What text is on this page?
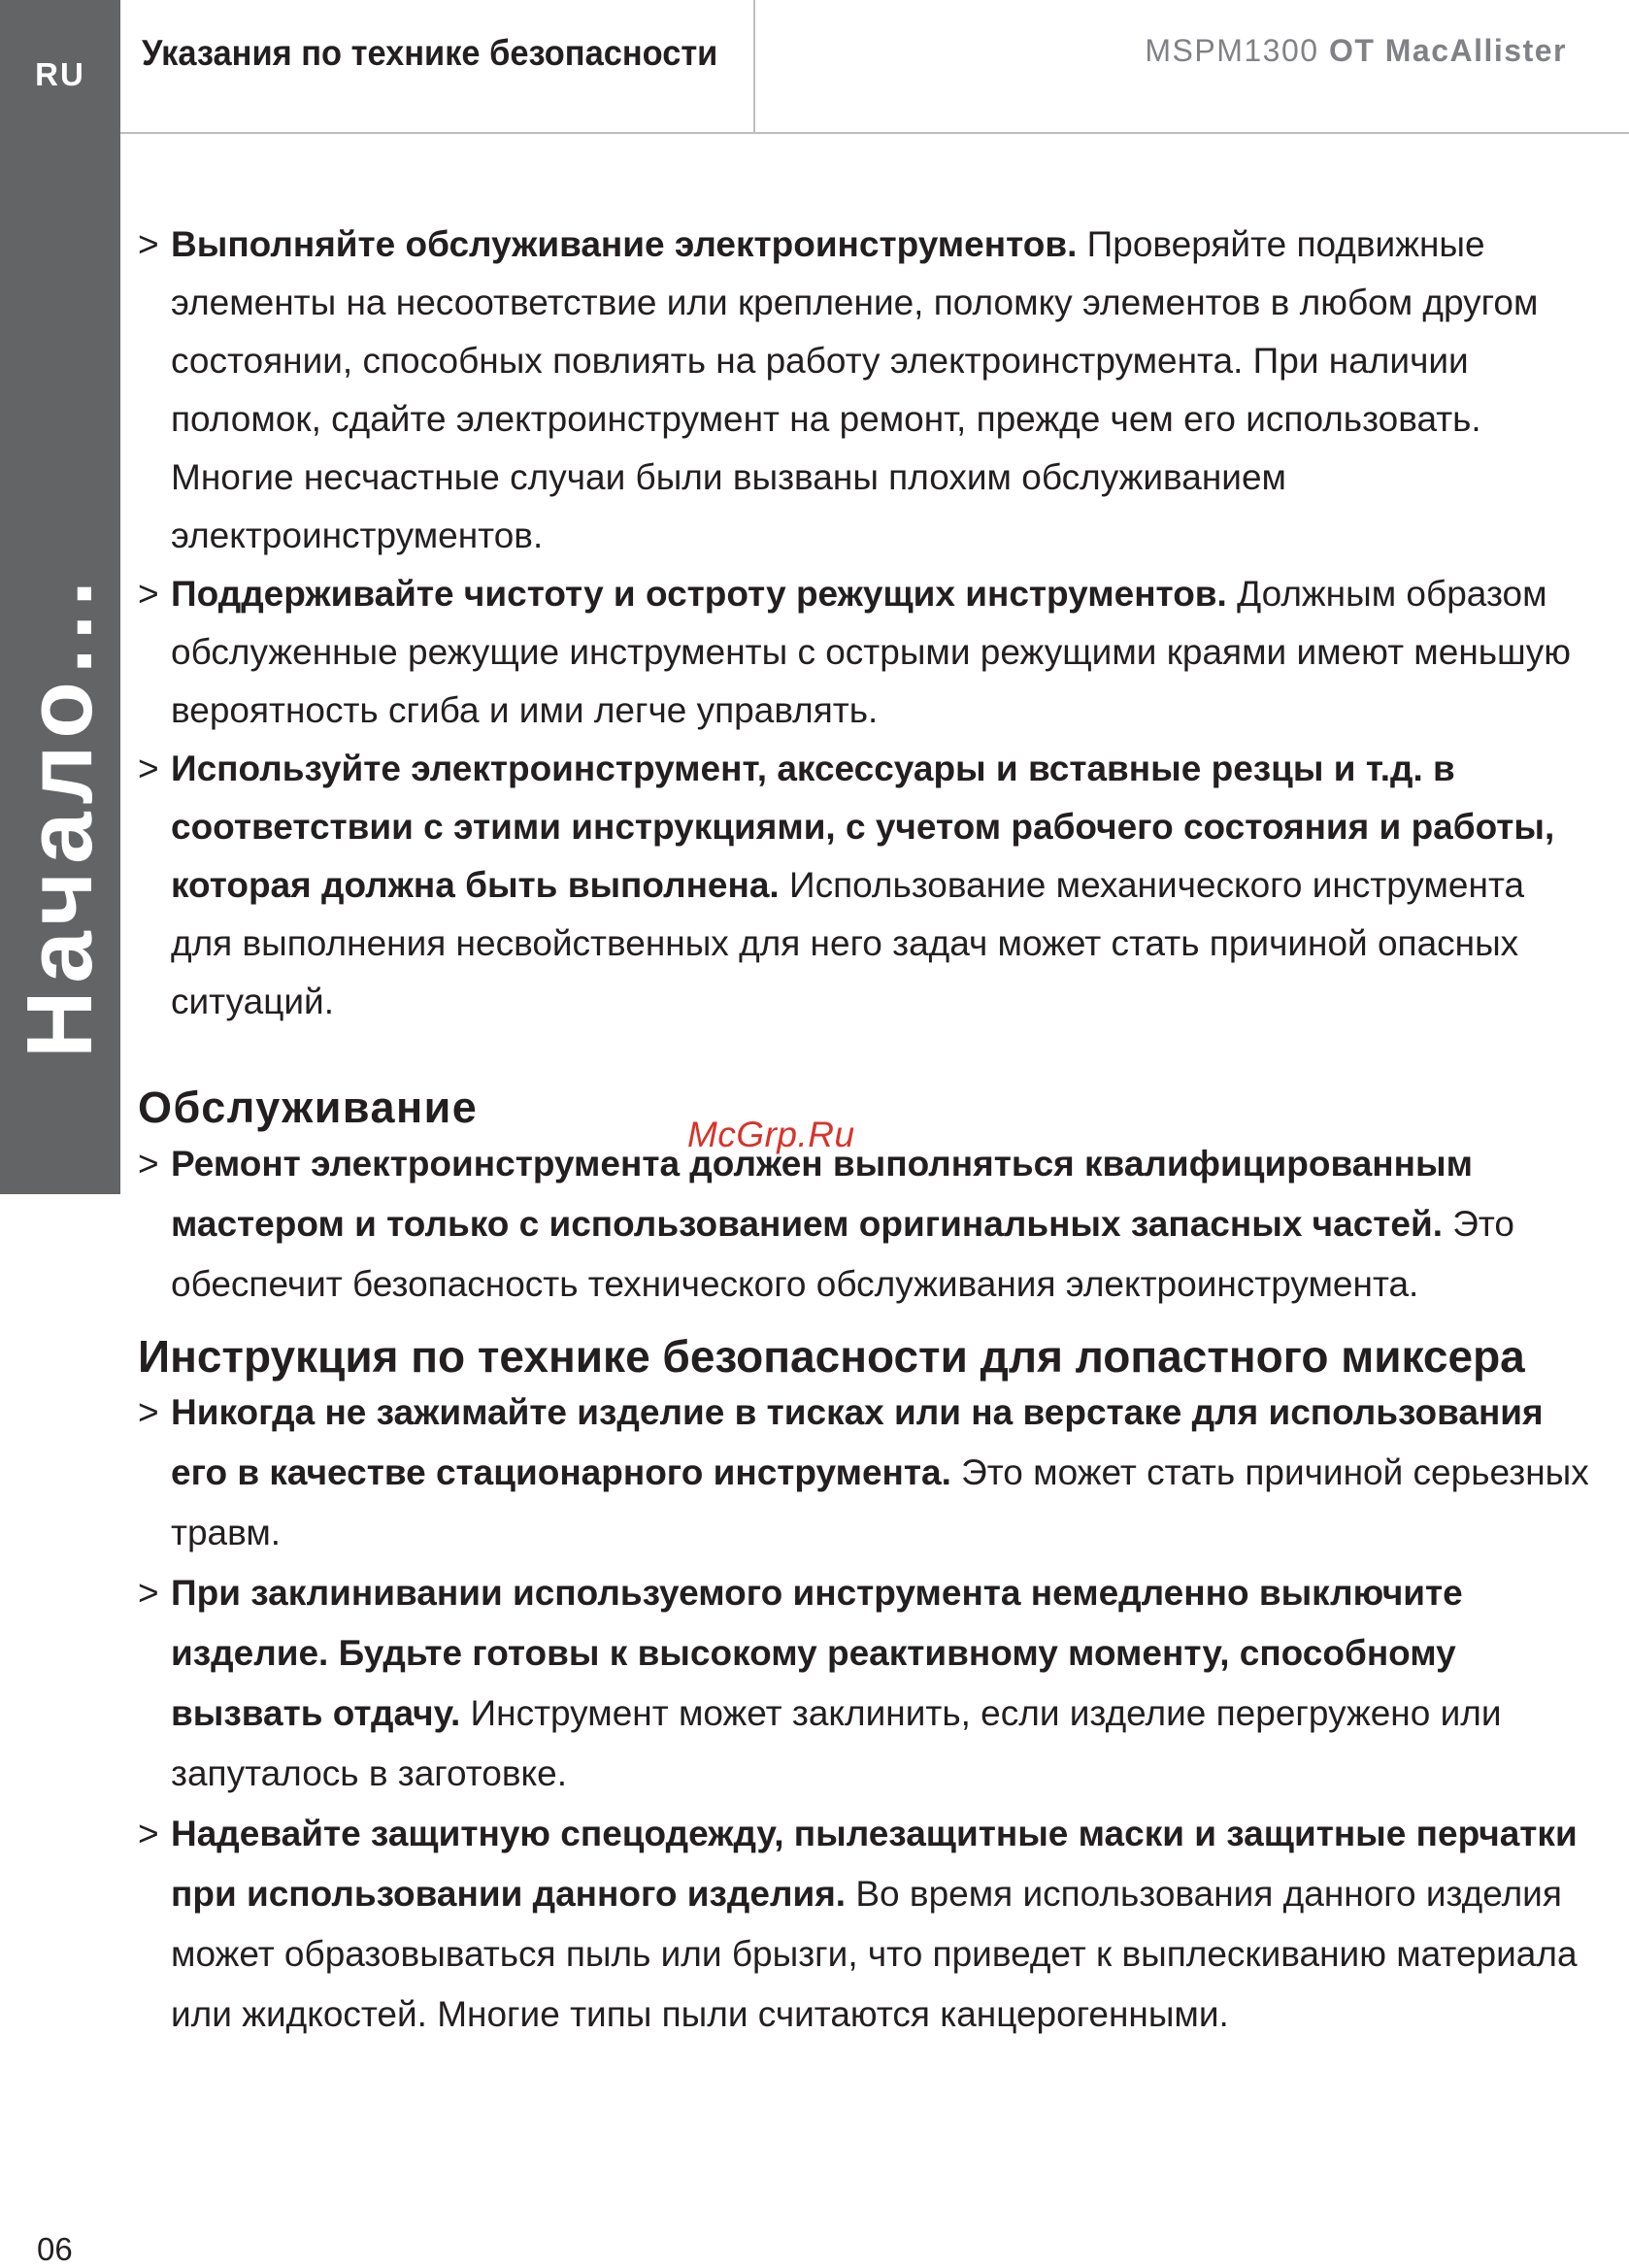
RU
Начало...
Указания по технике безопасности	MSPM1300 OT MacAllister
> Выполняйте обслуживание электроинструментов. Проверяйте подвижные элементы на несоответствие или крепление, поломку элементов в любом другом состоянии, способных повлиять на работу электроинструмента. При наличии поломок, сдайте электроинструмент на ремонт, прежде чем его использовать. Многие несчастные случаи были вызваны плохим обслуживанием электроинструментов.
> Поддерживайте чистоту и остроту режущих инструментов. Должным образом обслуженные режущие инструменты с острыми режущими краями имеют меньшую вероятность сгиба и ими легче управлять.
> Используйте электроинструмент, аксессуары и вставные резцы и т.д. в соответствии с этими инструкциями, с учетом рабочего состояния и работы, которая должна быть выполнена. Использование механического инструмента для выполнения несвойственных для него задач может стать причиной опасных ситуаций.
Обслуживание
> Ремонт электроинструмента должен выполняться квалифицированным мастером и только с использованием оригинальных запасных частей. Это обеспечит безопасность технического обслуживания электроинструмента.
Инструкция по технике безопасности для лопастного миксера
> Никогда не зажимайте изделие в тисках или на верстаке для использования его в качестве стационарного инструмента. Это может стать причиной серьезных травм.
> При заклинивании используемого инструмента немедленно выключите изделие. Будьте готовы к высокому реактивному моменту, способному вызвать отдачу. Инструмент может заклинить, если изделие перегружено или запуталось в заготовке.
> Надевайте защитную спецодежду, пылезащитные маски и защитные перчатки при использовании данного изделия. Во время использования данного изделия может образовываться пыль или брызги, что приведет к выплескиванию материала или жидкостей. Многие типы пыли считаются канцерогенными.
McGrp.Ru
06
